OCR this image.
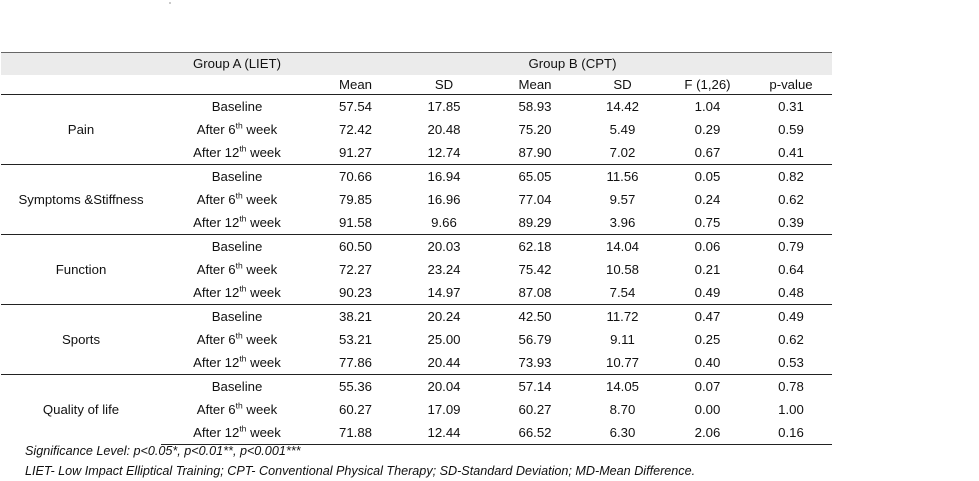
	Group A (LIET)	Group B (CPT)					
		Mean	SD	Mean	SD	F (1,26)	p-value
Pain	Baseline	57.54	17.85	58.93	14.42	1.04	0.31
	After 6th week	72.42	20.48	75.20	5.49	0.29	0.59
	After 12th week	91.27	12.74	87.90	7.02	0.67	0.41
Symptoms &Stiffness	Baseline	70.66	16.94	65.05	11.56	0.05	0.82
	After 6th week	79.85	16.96	77.04	9.57	0.24	0.62
	After 12th week	91.58	9.66	89.29	3.96	0.75	0.39
Function	Baseline	60.50	20.03	62.18	14.04	0.06	0.79
	After 6th week	72.27	23.24	75.42	10.58	0.21	0.64
	After 12th week	90.23	14.97	87.08	7.54	0.49	0.48
Sports	Baseline	38.21	20.24	42.50	11.72	0.47	0.49
	After 6th week	53.21	25.00	56.79	9.11	0.25	0.62
	After 12th week	77.86	20.44	73.93	10.77	0.40	0.53
Quality of life	Baseline	55.36	20.04	57.14	14.05	0.07	0.78
	After 6th week	60.27	17.09	60.27	8.70	0.00	1.00
	After 12th week	71.88	12.44	66.52	6.30	2.06	0.16
Significance Level: p<0.05*, p<0.01**, p<0.001***
LIET- Low Impact Elliptical Training; CPT- Conventional Physical Therapy; SD-Standard Deviation; MD-Mean Difference.
